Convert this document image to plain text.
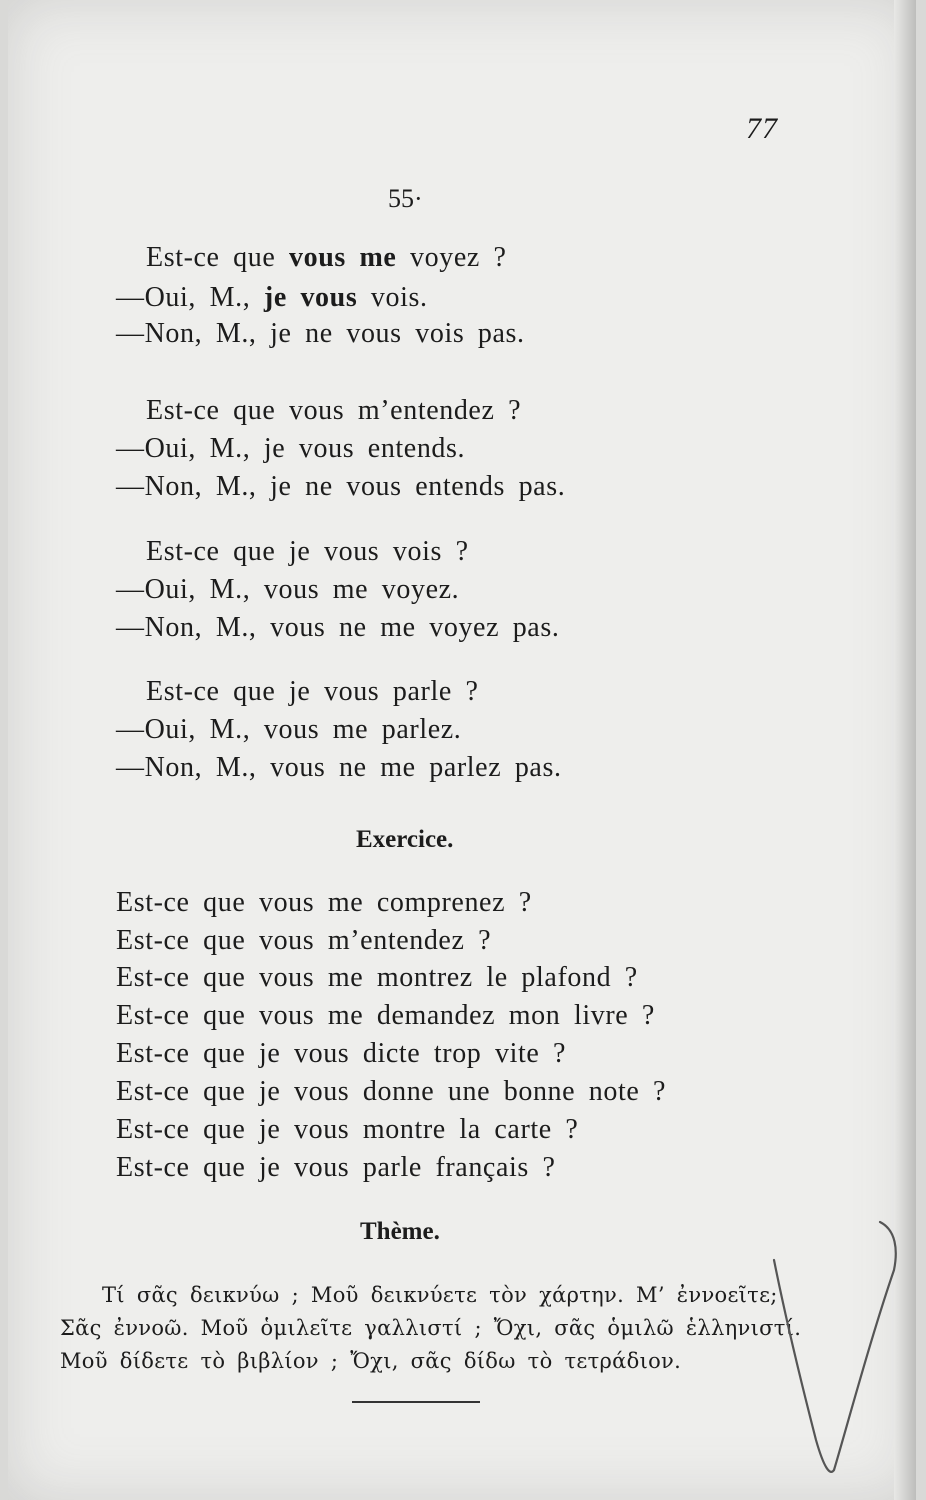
77
55·
Est-ce que vous me voyez ?
—Oui, M., je vous vois.
—Non, M., je ne vous vois pas.
Est-ce que vous m’entendez ?
—Oui, M., je vous entends.
—Non, M., je ne vous entends pas.
Est-ce que je vous vois ?
—Oui, M., vous me voyez.
—Non, M., vous ne me voyez pas.
Est-ce que je vous parle ?
—Oui, M., vous me parlez.
—Non, M., vous ne me parlez pas.
Exercice.
Est-ce que vous me comprenez ?
Est-ce que vous m’entendez ?
Est-ce que vous me montrez le plafond ?
Est-ce que vous me demandez mon livre ?
Est-ce que je vous dicte trop vite ?
Est-ce que je vous donne une bonne note ?
Est-ce que je vous montre la carte ?
Est-ce que je vous parle français ?
Thème.
Τί σᾶς δεικνύω ; Μοῦ δεικνύετε τὸν χάρτην. Μ’ ἐννοεῖτε;
Σᾶς ἐννοῶ. Μοῦ ὁμιλεῖτε γαλλιστί ; Ὄχι, σᾶς ὁμιλῶ ἑλληνιστί.
Μοῦ δίδετε τὸ βιβλίον ; Ὄχι, σᾶς δίδω τὸ τετράδιον.
